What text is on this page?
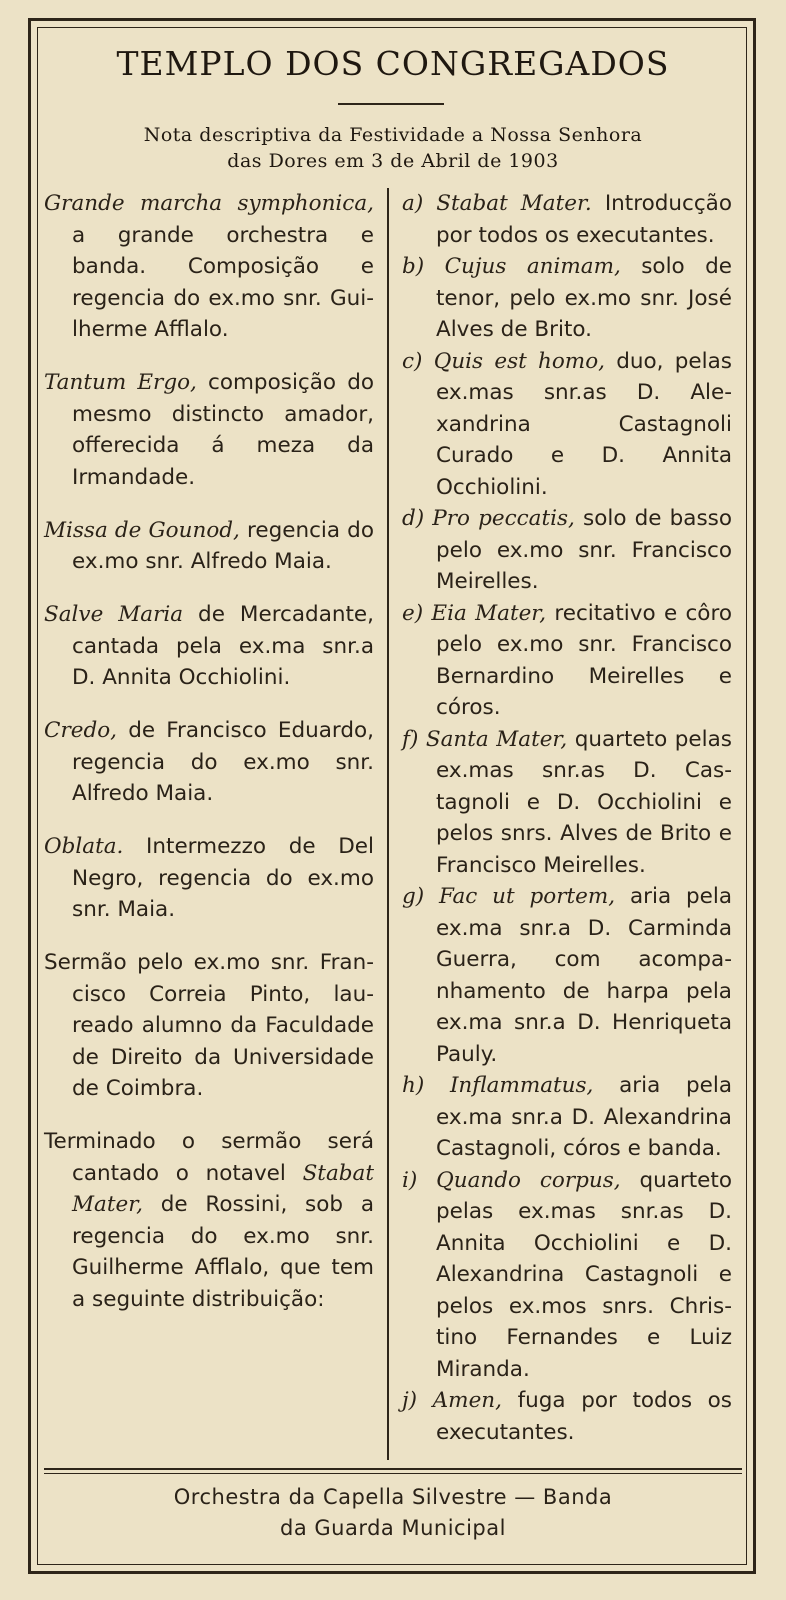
TEMPLO DOS CONGREGADOS
Nota descriptiva da Festividade a Nossa Senhora
das Dores em 3 de Abril de 1903

Grande marcha symphonica, a grande orchestra e banda. Composição e regencia do ex.mo snr. Guilherme Afflalo.

Tantum Ergo, composição do mesmo distincto amador, offerecida á meza da Irmandade.

Missa de Gounod, regencia do ex.mo snr. Alfredo Maia.

Salve Maria de Mercadante, cantada pela ex.ma snr.a D. Annita Occhiolini.

Credo, de Francisco Eduardo, regencia do ex.mo snr. Alfredo Maia.

Oblata. Intermezzo de Del Negro, regencia do ex.mo snr. Maia.

Sermão pelo ex.mo snr. Francisco Correia Pinto, laureado alumno da Faculdade de Direito da Universidade de Coimbra.

Terminado o sermão será cantado o notavel Stabat Mater, de Rossini, sob a regencia do ex.mo snr. Guilherme Afflalo, que tem a seguinte distribuição:

a) Stabat Mater. Introducção por todos os executantes.

b) Cujus animam, solo de tenor, pelo ex.mo snr. José Alves de Brito.

c) Quis est homo, duo, pelas ex.mas snr.as D. Alexandrina Castagnoli Curado e D. Annita Occhiolini.

d) Pro peccatis, solo de basso pelo ex.mo snr. Francisco Meirelles.

e) Eia Mater, recitativo e côro pelo ex.mo snr. Francisco Bernardino Meirelles e córos.

f) Santa Mater, quarteto pelas ex.mas snr.as D. Castagnoli e D. Occhiolini e pelos snrs. Alves de Brito e Francisco Meirelles.

g) Fac ut portem, aria pela ex.ma snr.a D. Carminda Guerra, com acompanhamento de harpa pela ex.ma snr.a D. Henriqueta Pauly.

h) Inflammatus, aria pela ex.ma snr.a D. Alexandrina Castagnoli, córos e banda.

i) Quando corpus, quarteto pelas ex.mas snr.as D. Annita Occhiolini e D. Alexandrina Castagnoli e pelos ex.mos snrs. Christino Fernandes e Luiz Miranda.

j) Amen, fuga por todos os executantes.

Orchestra da Capella Silvestre — Banda
da Guarda Municipal
